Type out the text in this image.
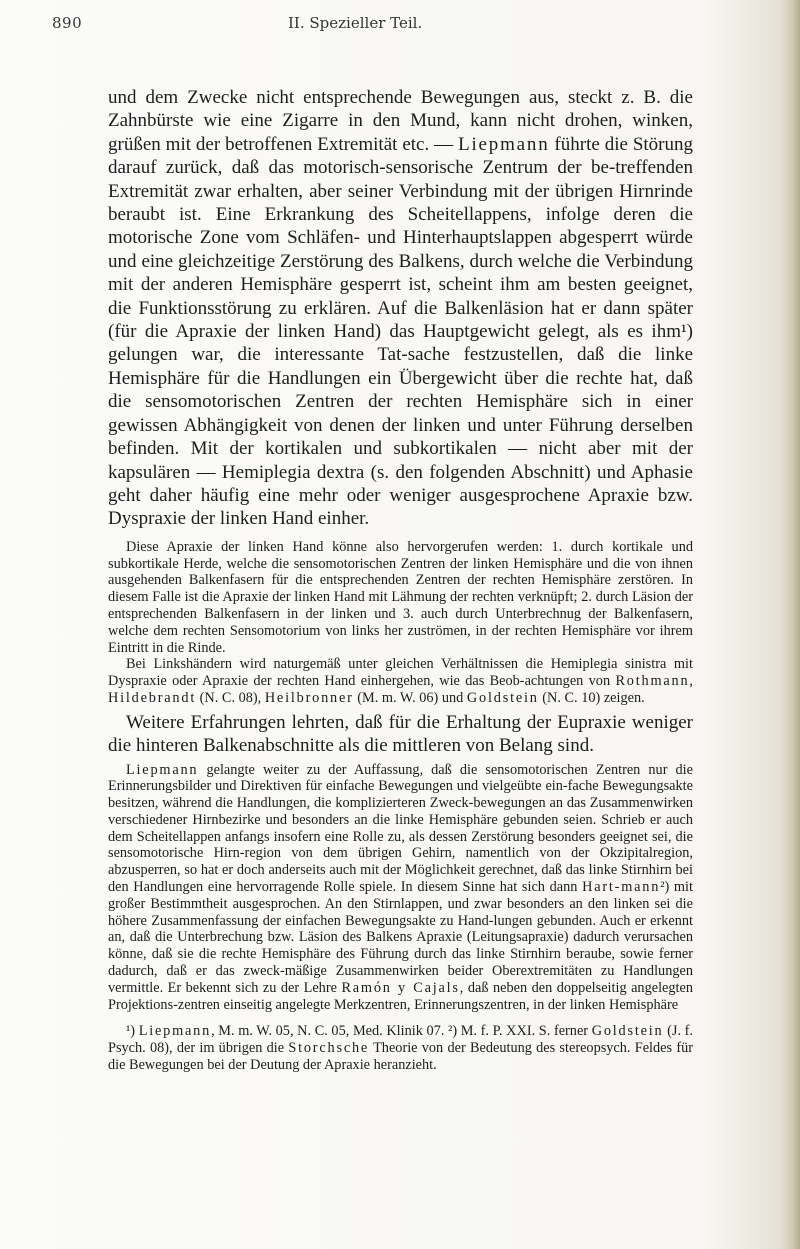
890	II. Spezieller Teil.

und dem Zwecke nicht entsprechende Bewegungen aus, steckt z. B. die Zahnbürste wie eine Zigarre in den Mund, kann nicht drohen, winken, grüßen mit der betroffenen Extremität etc. — Liepmann führte die Störung darauf zurück, daß das motorisch-sensorische Zentrum der be-treffenden Extremität zwar erhalten, aber seiner Verbindung mit der übrigen Hirnrinde beraubt ist. Eine Erkrankung des Scheitellappens, infolge deren die motorische Zone vom Schläfen- und Hinterhauptslappen abgesperrt würde und eine gleichzeitige Zerstörung des Balkens, durch welche die Verbindung mit der anderen Hemisphäre gesperrt ist, scheint ihm am besten geeignet, die Funktionsstörung zu erklären. Auf die Balkenläsion hat er dann später (für die Apraxie der linken Hand) das Hauptgewicht gelegt, als es ihm¹) gelungen war, die interessante Tat-sache festzustellen, daß die linke Hemisphäre für die Handlungen ein Übergewicht über die rechte hat, daß die sensomotorischen Zentren der rechten Hemisphäre sich in einer gewissen Abhängigkeit von denen der linken und unter Führung derselben befinden. Mit der kortikalen und subkortikalen — nicht aber mit der kapsulären — Hemiplegia dextra (s. den folgenden Abschnitt) und Aphasie geht daher häufig eine mehr oder weniger ausgesprochene Apraxie bzw. Dyspraxie der linken Hand einher.

Diese Apraxie der linken Hand könne also hervorgerufen werden: 1. durch kortikale und subkortikale Herde, welche die sensomotorischen Zentren der linken Hemisphäre und die von ihnen ausgehenden Balkenfasern für die entsprechenden Zentren der rechten Hemisphäre zerstören. In diesem Falle ist die Apraxie der linken Hand mit Lähmung der rechten verknüpft; 2. durch Läsion der entsprechenden Balkenfasern in der linken und 3. auch durch Unterbrechnug der Balkenfasern, welche dem rechten Sensomotorium von links her zuströmen, in der rechten Hemisphäre vor ihrem Eintritt in die Rinde.

Bei Linkshändern wird naturgemäß unter gleichen Verhältnissen die Hemiplegia sinistra mit Dyspraxie oder Apraxie der rechten Hand einhergehen, wie das Beob-achtungen von Rothmann, Hildebrandt (N. C. 08), Heilbronner (M. m. W. 06) und Goldstein (N. C. 10) zeigen.

Weitere Erfahrungen lehrten, daß für die Erhaltung der Eupraxie weniger die hinteren Balkenabschnitte als die mittleren von Belang sind.

Liepmann gelangte weiter zu der Auffassung, daß die sensomotorischen Zentren nur die Erinnerungsbilder und Direktiven für einfache Bewegungen und vielgeübte ein-fache Bewegungsakte besitzen, während die Handlungen, die komplizierteren Zweck-bewegungen an das Zusammenwirken verschiedener Hirnbezirke und besonders an die linke Hemisphäre gebunden seien. Schrieb er auch dem Scheitellappen anfangs insofern eine Rolle zu, als dessen Zerstörung besonders geeignet sei, die sensomotorische Hirn-region von dem übrigen Gehirn, namentlich von der Okzipitalregion, abzusperren, so hat er doch anderseits auch mit der Möglichkeit gerechnet, daß das linke Stirnhirn bei den Handlungen eine hervorragende Rolle spiele. In diesem Sinne hat sich dann Hart-mann²) mit großer Bestimmtheit ausgesprochen. An den Stirnlappen, und zwar besonders an den linken sei die höhere Zusammenfassung der einfachen Bewegungsakte zu Hand-lungen gebunden. Auch er erkennt an, daß die Unterbrechung bzw. Läsion des Balkens Apraxie (Leitungsapraxie) dadurch verursachen könne, daß sie die rechte Hemisphäre des Führung durch das linke Stirnhirn beraube, sowie ferner dadurch, daß er das zweck-mäßige Zusammenwirken beider Oberextremitäten zu Handlungen vermittle. Er bekennt sich zu der Lehre Ramón y Cajals, daß neben den doppelseitig angelegten Projektions-zentren einseitig angelegte Merkzentren, Erinnerungszentren, in der linken Hemisphäre

¹) Liepmann, M. m. W. 05, N. C. 05, Med. Klinik 07. ²) M. f. P. XXI. S. ferner Goldstein (J. f. Psych. 08), der im übrigen die Storchsche Theorie von der Bedeutung des stereopsych. Feldes für die Bewegungen bei der Deutung der Apraxie heranzieht.
